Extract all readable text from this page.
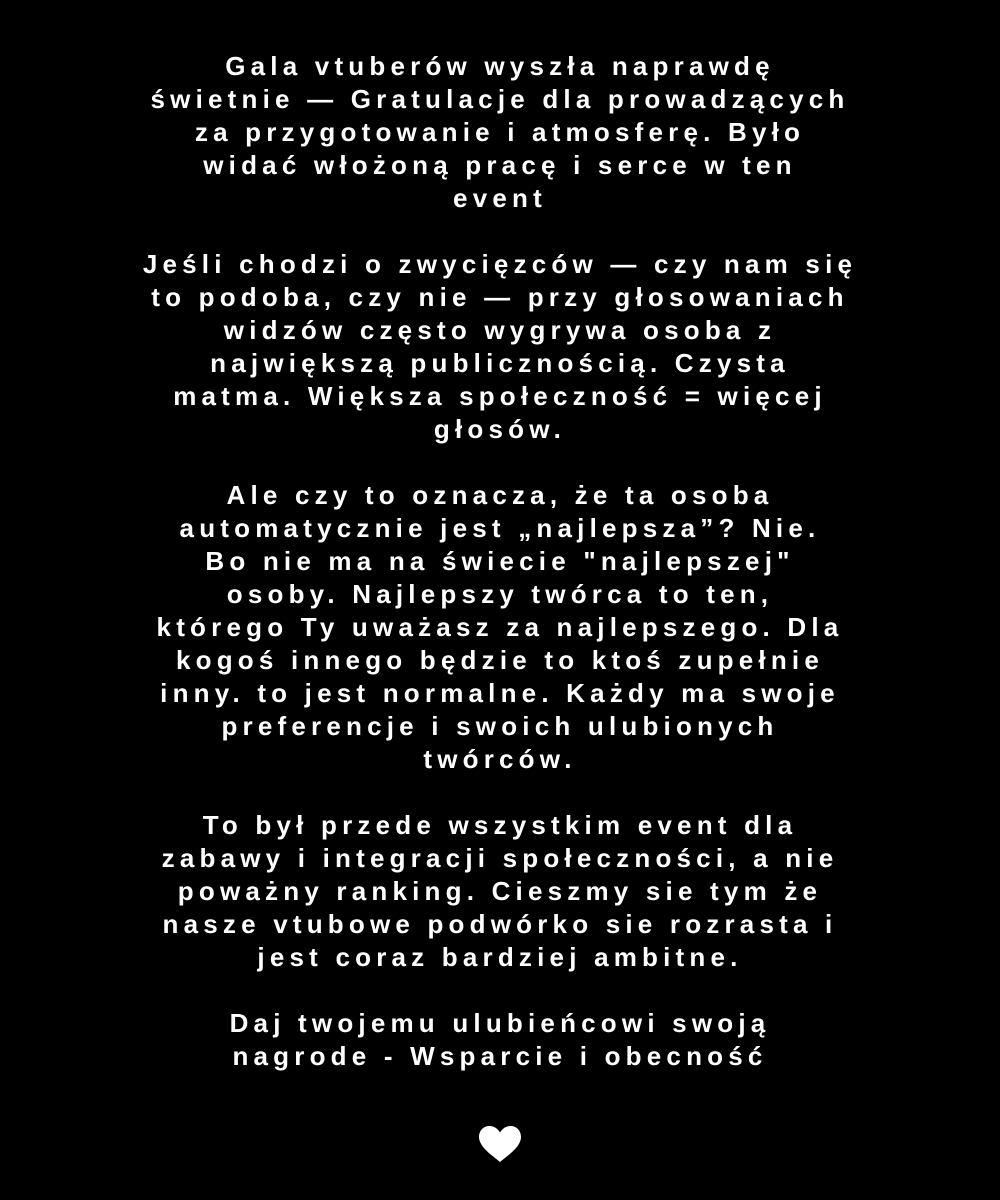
Gala vtuberów wyszła naprawdę
świetnie — Gratulacje dla prowadzących
za przygotowanie i atmosferę. Było
widać włożoną pracę i serce w ten
event

Jeśli chodzi o zwycięzców — czy nam się
to podoba, czy nie — przy głosowaniach
widzów często wygrywa osoba z
największą publicznością. Czysta
matma. Większa społeczność = więcej
głosów.

Ale czy to oznacza, że ta osoba
automatycznie jest „najlepsza”? Nie.
Bo nie ma na świecie "najlepszej"
osoby. Najlepszy twórca to ten,
którego Ty uważasz za najlepszego. Dla
kogoś innego będzie to ktoś zupełnie
inny. to jest normalne. Każdy ma swoje
preferencje i swoich ulubionych
twórców.

To był przede wszystkim event dla
zabawy i integracji społeczności, a nie
poważny ranking. Cieszmy sie tym że
nasze vtubowe podwórko sie rozrasta i
jest coraz bardziej ambitne.

Daj twojemu ulubieńcowi swoją
nagrode - Wsparcie i obecność
